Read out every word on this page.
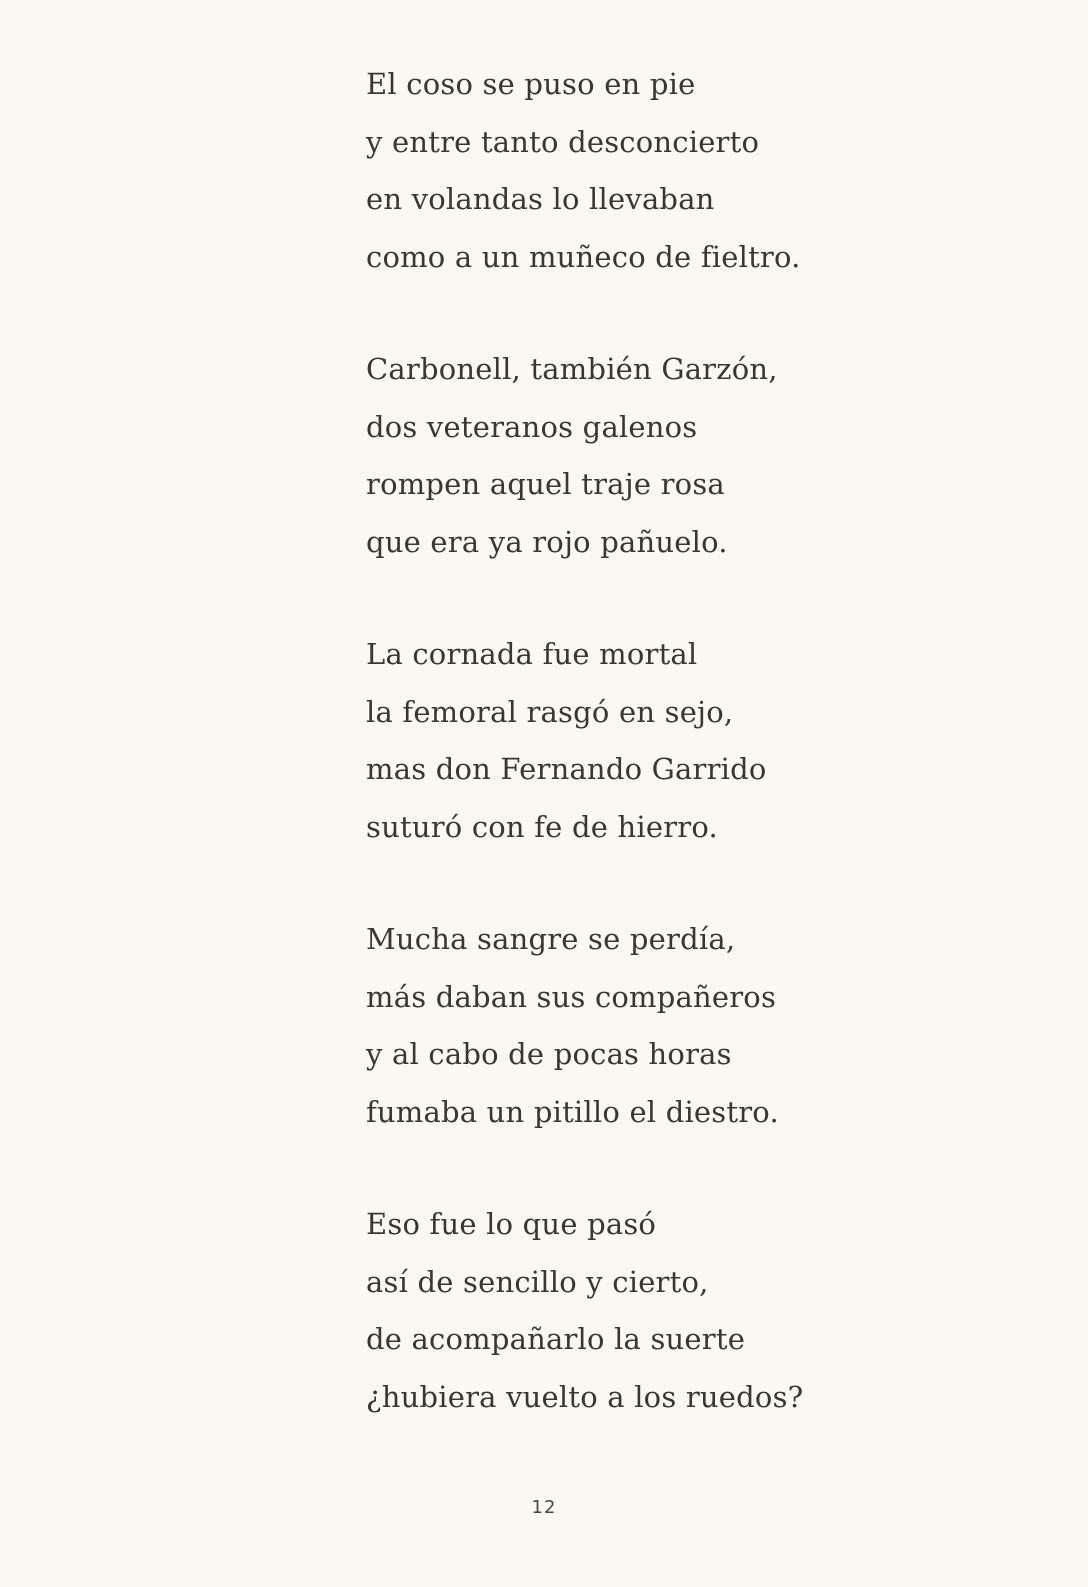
El coso se puso en pie
y entre tanto desconcierto
en volandas lo llevaban
como a un muñeco de fieltro.

Carbonell, también Garzón,
dos veteranos galenos
rompen aquel traje rosa
que era ya rojo pañuelo.

La cornada fue mortal
la femoral rasgó en sejo,
mas don Fernando Garrido
suturó con fe de hierro.

Mucha sangre se perdía,
más daban sus compañeros
y al cabo de pocas horas
fumaba un pitillo el diestro.

Eso fue lo que pasó
así de sencillo y cierto,
de acompañarlo la suerte
¿hubiera vuelto a los ruedos?

12
